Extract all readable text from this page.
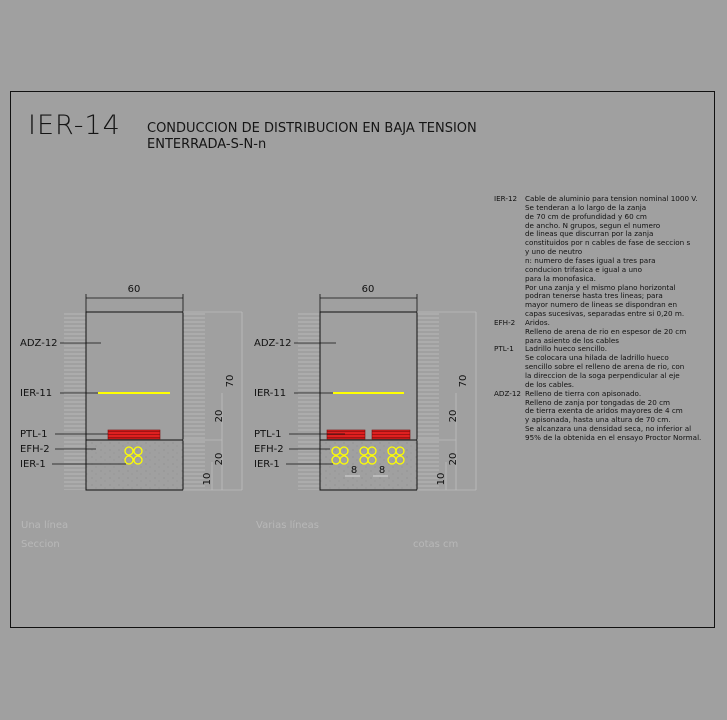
IER-14 CONDUCCION DE DISTRIBUCION EN BAJA TENSION
ENTERRADA-S-N-n
60
ADZ-12
IER-11
PTL-1
EFH-2
IER-1
70
20
20
10
8 8
60
ADZ-12
IER-11
PTL-1
EFH-2
IER-1
70
20
20
10
Una línea
Seccion
Varias líneas
cotas cm
IER-12	Cable de aluminio para tension nominal 1000 V.
Se tenderan a lo largo de la zanja
de 70 cm de profundidad y 60 cm
de ancho. N grupos, segun el numero
de lineas que discurran por la zanja
constituidos por n cables de fase de seccion s
y uno de neutro
n: numero de fases igual a tres para
conducion trifasica e igual a uno
para la monofasica.
Por una zanja y el mismo plano horizontal
podran tenerse hasta tres lineas; para
mayor numero de lineas se dispondran en
capas sucesivas, separadas entre si 0,20 m.
EFH-2	Aridos.
Relleno de arena de rio en espesor de 20 cm
para asiento de los cables
PTL-1	Ladrillo hueco sencillo.
Se colocara una hilada de ladrillo hueco
sencillo sobre el relleno de arena de rio, con
la direccion de la soga perpendicular al eje
de los cables.
ADZ-12 Relleno de tierra con apisonado.
Relleno de zanja por tongadas de 20 cm
de tierra exenta de aridos mayores de 4 cm
y apisonada, hasta una altura de 70 cm.
Se alcanzara una densidad seca, no inferior al
95% de la obtenida en el ensayo Proctor Normal.
